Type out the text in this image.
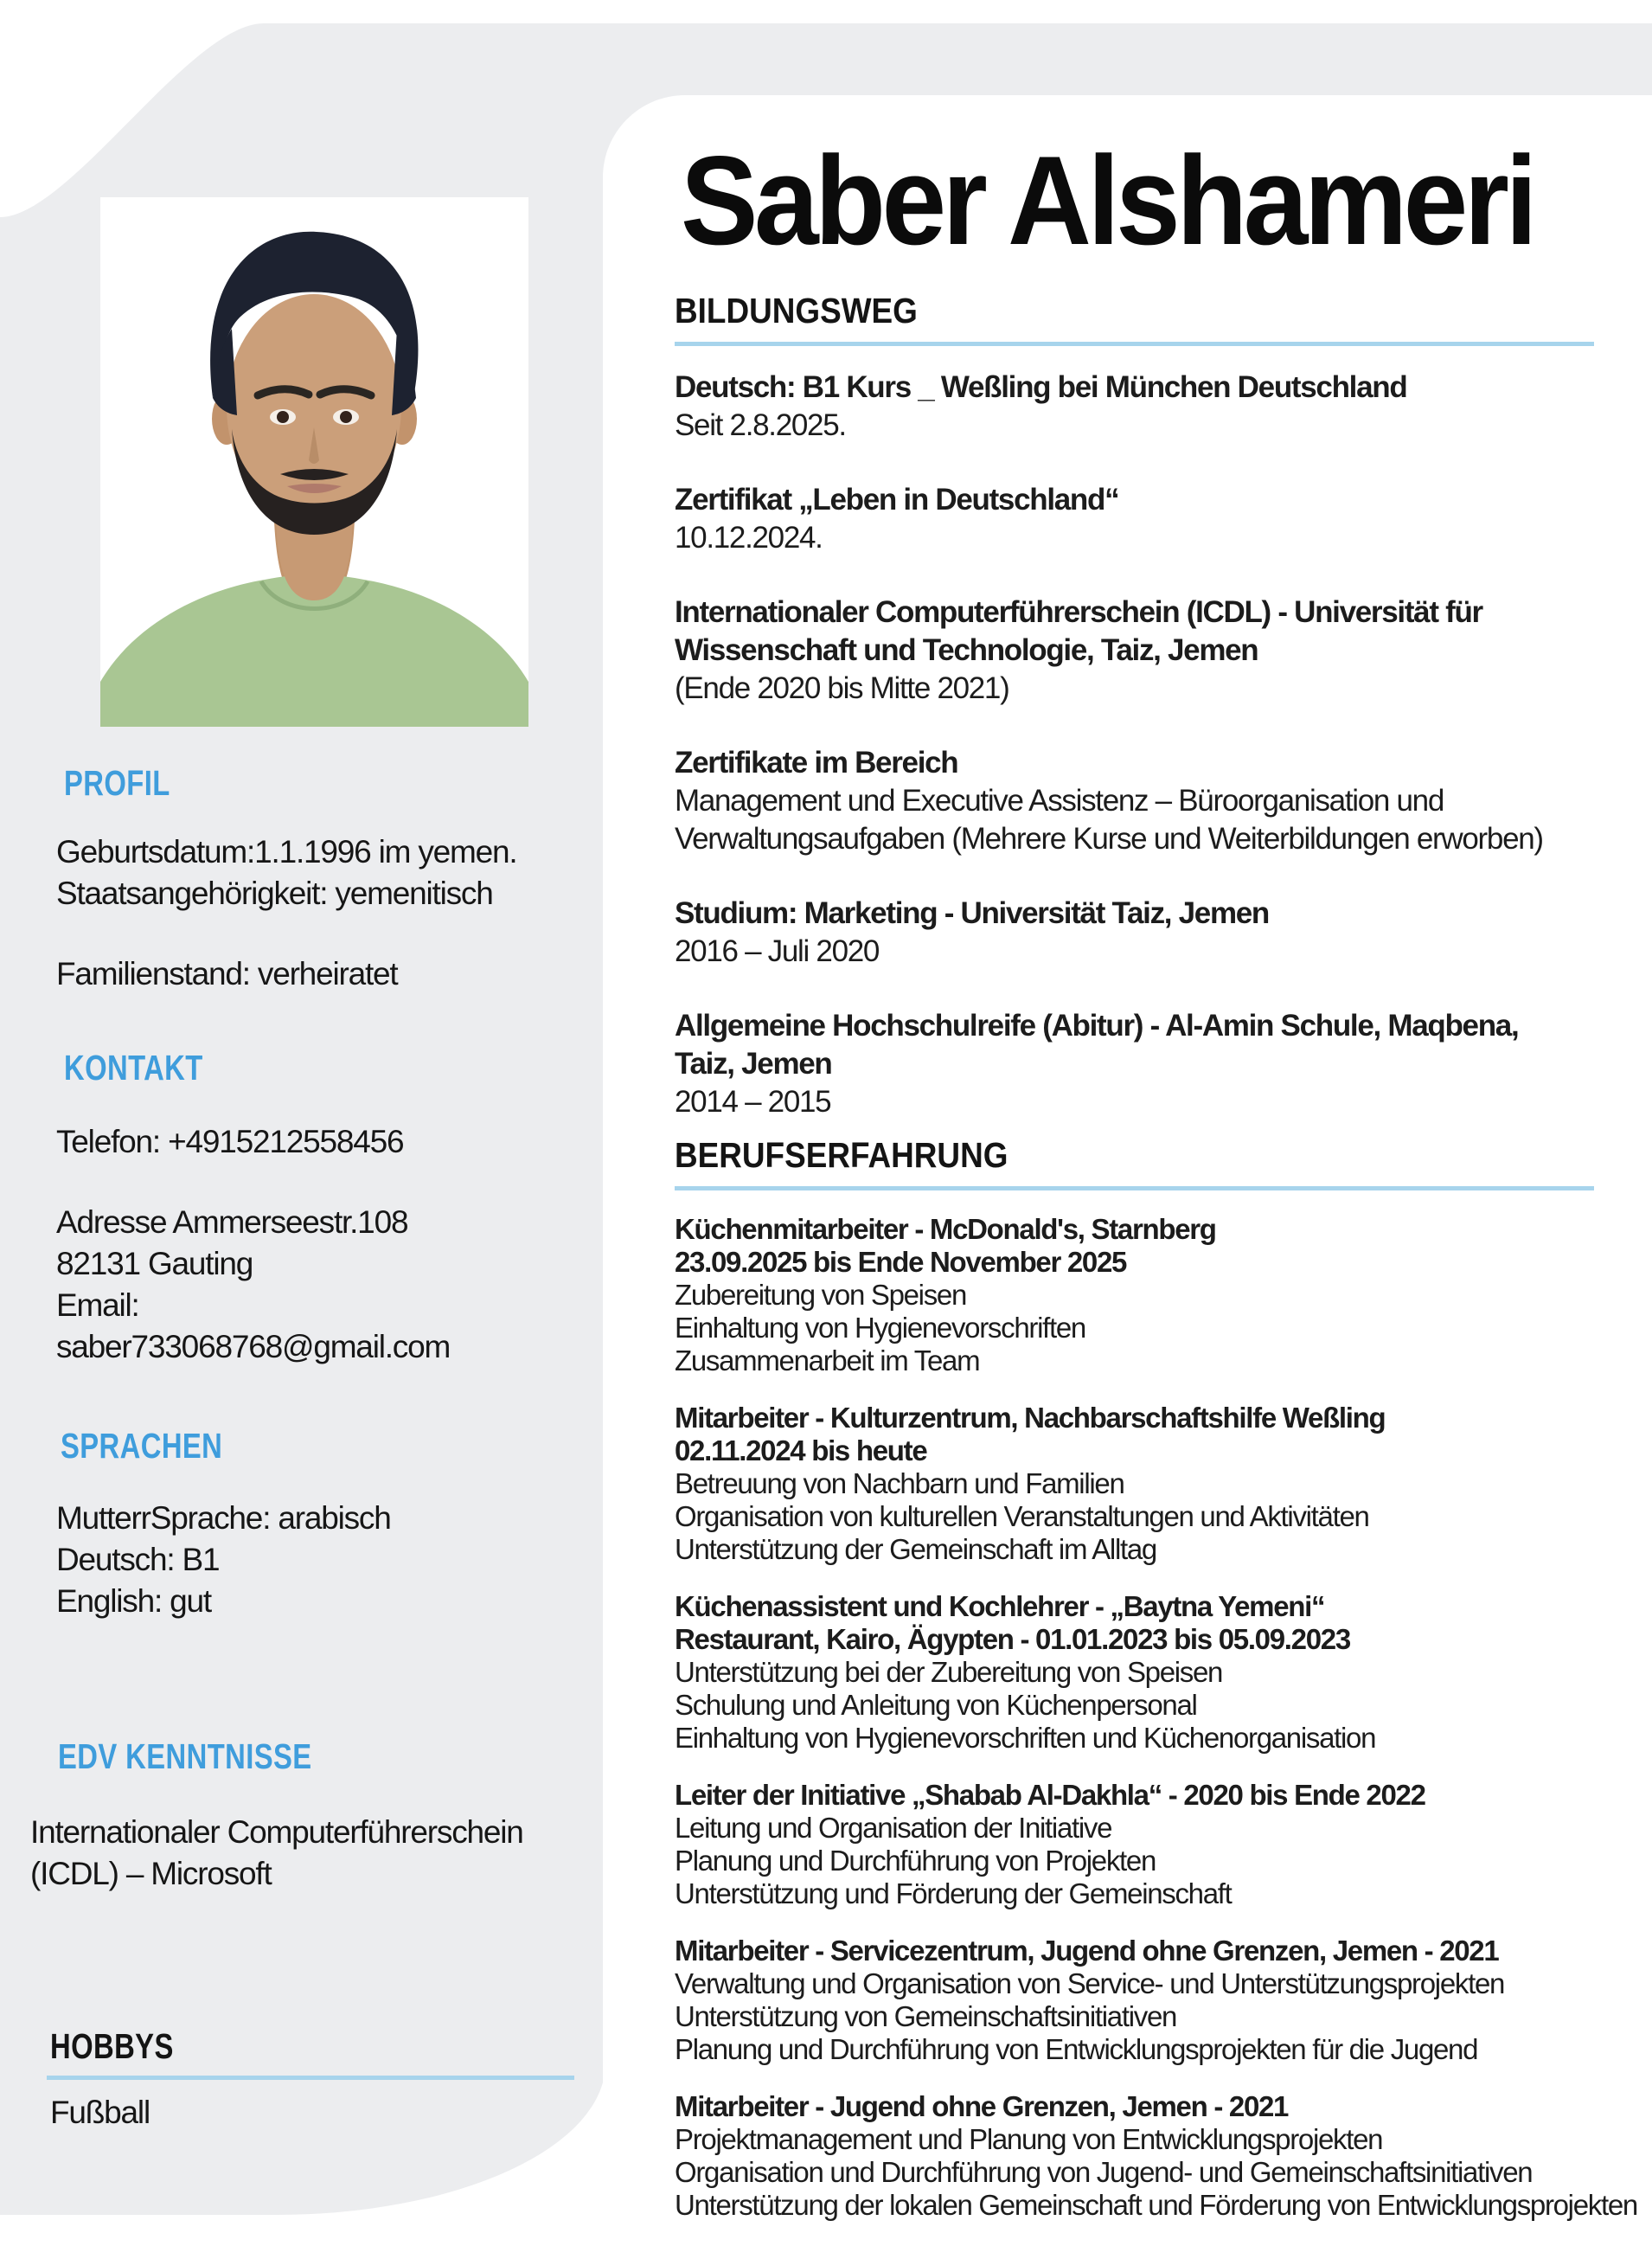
Saber Alshameri
PROFIL
Geburtsdatum:1.1.1996 im yemen.
Staatsangehörigkeit: yemenitisch
Familienstand: verheiratet
KONTAKT
Telefon: +4915212558456
Adresse Ammerseestr.108
82131 Gauting
Email:
saber733068768@gmail.com
SPRACHEN
MutterrSprache: arabisch
Deutsch: B1
English: gut
EDV KENNTNISSE
Internationaler Computerführerschein
(ICDL) – Microsoft
HOBBYS
Fußball
BILDUNGSWEG
Deutsch: B1 Kurs _ Weßling bei München Deutschland
Seit 2.8.2025.
Zertifikat „Leben in Deutschland“
10.12.2024.
Internationaler Computerführerschein (ICDL) - Universität für
Wissenschaft und Technologie, Taiz, Jemen
(Ende 2020 bis Mitte 2021)
Zertifikate im Bereich
Management und Executive Assistenz – Büroorganisation und
Verwaltungsaufgaben (Mehrere Kurse und Weiterbildungen erworben)
Studium: Marketing - Universität Taiz, Jemen
2016 – Juli 2020
Allgemeine Hochschulreife (Abitur) - Al-Amin Schule, Maqbena,
Taiz, Jemen
2014 – 2015
BERUFSERFAHRUNG
Küchenmitarbeiter - McDonald's, Starnberg
23.09.2025 bis Ende November 2025
Zubereitung von Speisen
Einhaltung von Hygienevorschriften
Zusammenarbeit im Team
Mitarbeiter - Kulturzentrum, Nachbarschaftshilfe Weßling
02.11.2024 bis heute
Betreuung von Nachbarn und Familien
Organisation von kulturellen Veranstaltungen und Aktivitäten
Unterstützung der Gemeinschaft im Alltag
Küchenassistent und Kochlehrer - „Baytna Yemeni“
Restaurant, Kairo, Ägypten - 01.01.2023 bis 05.09.2023
Unterstützung bei der Zubereitung von Speisen
Schulung und Anleitung von Küchenpersonal
Einhaltung von Hygienevorschriften und Küchenorganisation
Leiter der Initiative „Shabab Al-Dakhla“ - 2020 bis Ende 2022
Leitung und Organisation der Initiative
Planung und Durchführung von Projekten
Unterstützung und Förderung der Gemeinschaft
Mitarbeiter - Servicezentrum, Jugend ohne Grenzen, Jemen - 2021
Verwaltung und Organisation von Service- und Unterstützungsprojekten
Unterstützung von Gemeinschaftsinitiativen
Planung und Durchführung von Entwicklungsprojekten für die Jugend
Mitarbeiter - Jugend ohne Grenzen, Jemen - 2021
Projektmanagement und Planung von Entwicklungsprojekten
Organisation und Durchführung von Jugend- und Gemeinschaftsinitiativen
Unterstützung der lokalen Gemeinschaft und Förderung von Entwicklungsprojekten
